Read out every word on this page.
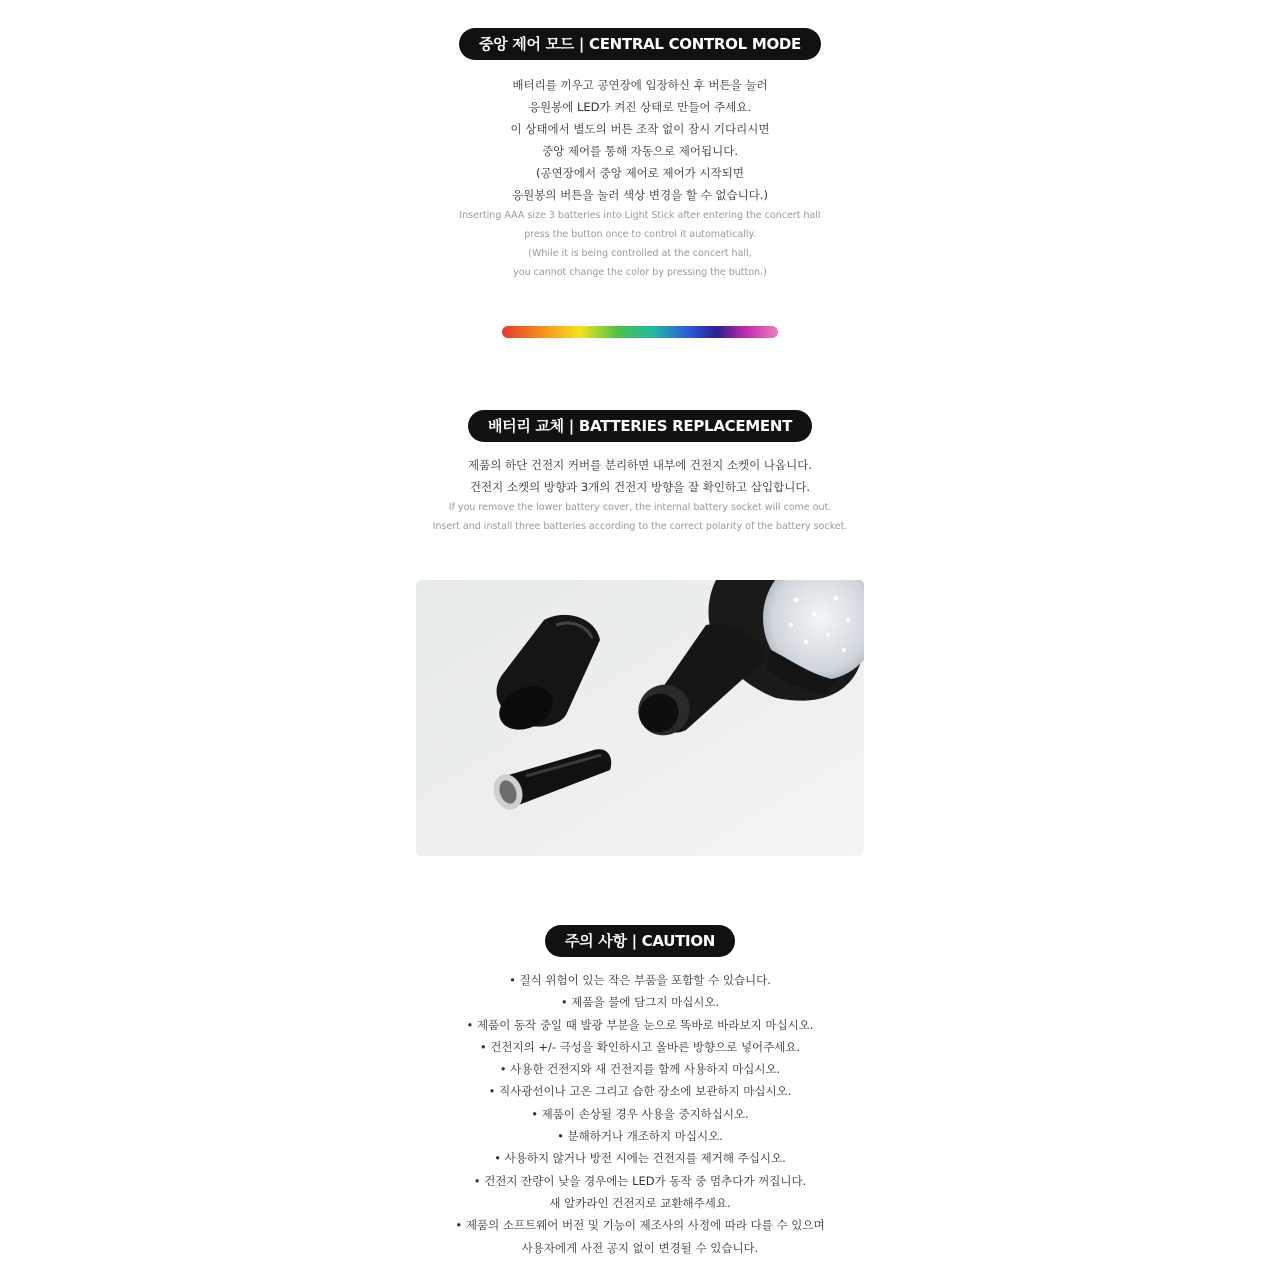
중앙 제어 모드 | CENTRAL CONTROL MODE

배터리를 끼우고 공연장에 입장하신 후 버튼을 눌러

응원봉에 LED가 켜진 상태로 만들어 주세요.

이 상태에서 별도의 버튼 조작 없이 잠시 기다리시면

중앙 제어를 통해 자동으로 제어됩니다.

(공연장에서 중앙 제어로 제어가 시작되면

응원봉의 버튼을 눌러 색상 변경을 할 수 없습니다.)

Inserting AAA size 3 batteries into Light Stick after entering the concert hall

press the button once to control it automatically.

(While it is being controlled at the concert hall,

you cannot change the color by pressing the button.)

배터리 교체 | BATTERIES REPLACEMENT

제품의 하단 건전지 커버를 분리하면 내부에 건전지 소켓이 나옵니다.

건전지 소켓의 방향과 3개의 건전지 방향을 잘 확인하고 삽입합니다.

If you remove the lower battery cover, the internal battery socket will come out.

Insert and install three batteries according to the correct polarity of the battery socket.

주의 사항 | CAUTION

• 질식 위험이 있는 작은 부품을 포함할 수 있습니다.

• 제품을 물에 담그지 마십시오.

• 제품이 동작 중일 때 발광 부분을 눈으로 똑바로 바라보지 마십시오.

• 건전지의 +/- 극성을 확인하시고 올바른 방향으로 넣어주세요.

• 사용한 건전지와 새 건전지를 함께 사용하지 마십시오.

• 직사광선이나 고온 그리고 습한 장소에 보관하지 마십시오.

• 제품이 손상될 경우 사용을 중지하십시오.

• 분해하거나 개조하지 마십시오.

• 사용하지 않거나 방전 시에는 건전지를 제거해 주십시오.

• 건전지 잔량이 낮을 경우에는 LED가 동작 중 멈추다가 꺼집니다.

새 알카라인 건전지로 교환해주세요.

• 제품의 소프트웨어 버전 및 기능이 제조사의 사정에 따라 다를 수 있으며

사용자에게 사전 공지 없이 변경될 수 있습니다.
